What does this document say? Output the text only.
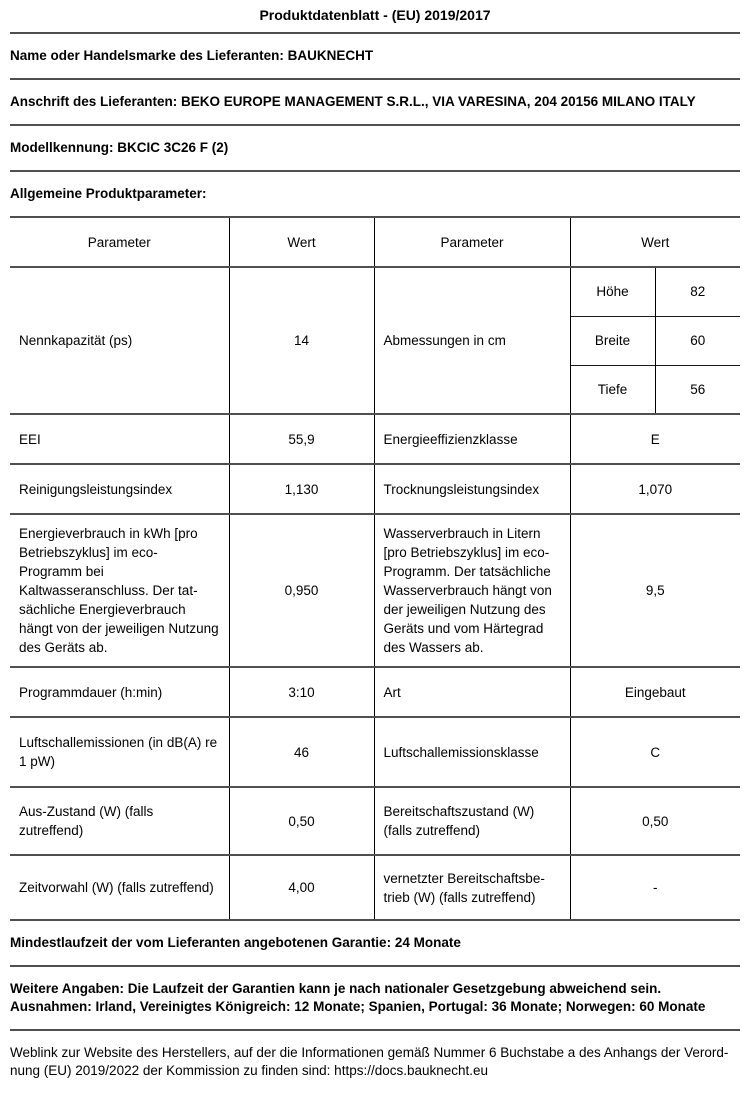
Produktdatenblatt - (EU) 2019/2017

Name oder Handelsmarke des Lieferanten: BAUKNECHT

Anschrift des Lieferanten: BEKO EUROPE MANAGEMENT S.R.L., VIA VARESINA, 204 20156 MILANO ITALY

Modellkennung: BKCIC 3C26 F (2)

Allgemeine Produktparameter:

Parameter	Wert	Parameter	Wert	
Nennkapazität (ps)	14	Abmessungen in cm	Höhe	82
			Breite	60
			Tiefe	56
EEI	55,9	Energieeffizienzklasse	E	
Reinigungsleistungsindex	1,130	Trocknungsleistungsindex	1,070	
Energieverbrauch in kWh [pro Betriebszyklus] im eco-Programm bei Kaltwasseranschluss. Der tatsächliche Energieverbrauch hängt von der jeweiligen Nutzung des Geräts ab.	0,950	Wasserverbrauch in Litern [pro Betriebszyklus] im eco-Programm. Der tatsächliche Wasserverbrauch hängt von der jeweiligen Nutzung des Geräts und vom Härtegrad des Wassers ab.	9,5	
Programmdauer (h:min)	3:10	Art	Eingebaut	
Luftschallemissionen (in dB(A) re 1 pW)	46	Luftschallemissionsklasse	C	
Aus-Zustand (W) (falls zutreffend)	0,50	Bereitschaftszustand (W) (falls zutreffend)	0,50	
Zeitvorwahl (W) (falls zutreffend)	4,00	vernetzter Bereitschaftsbetrieb (W) (falls zutreffend)	-	

Mindestlaufzeit der vom Lieferanten angebotenen Garantie: 24 Monate

Weitere Angaben: Die Laufzeit der Garantien kann je nach nationaler Gesetzgebung abweichend sein. Ausnahmen: Irland, Vereinigtes Königreich: 12 Monate; Spanien, Portugal: 36 Monate; Norwegen: 60 Monate

Weblink zur Website des Herstellers, auf der die Informationen gemäß Nummer 6 Buchstabe a des Anhangs der Verordnung (EU) 2019/2022 der Kommission zu finden sind: https://docs.bauknecht.eu
